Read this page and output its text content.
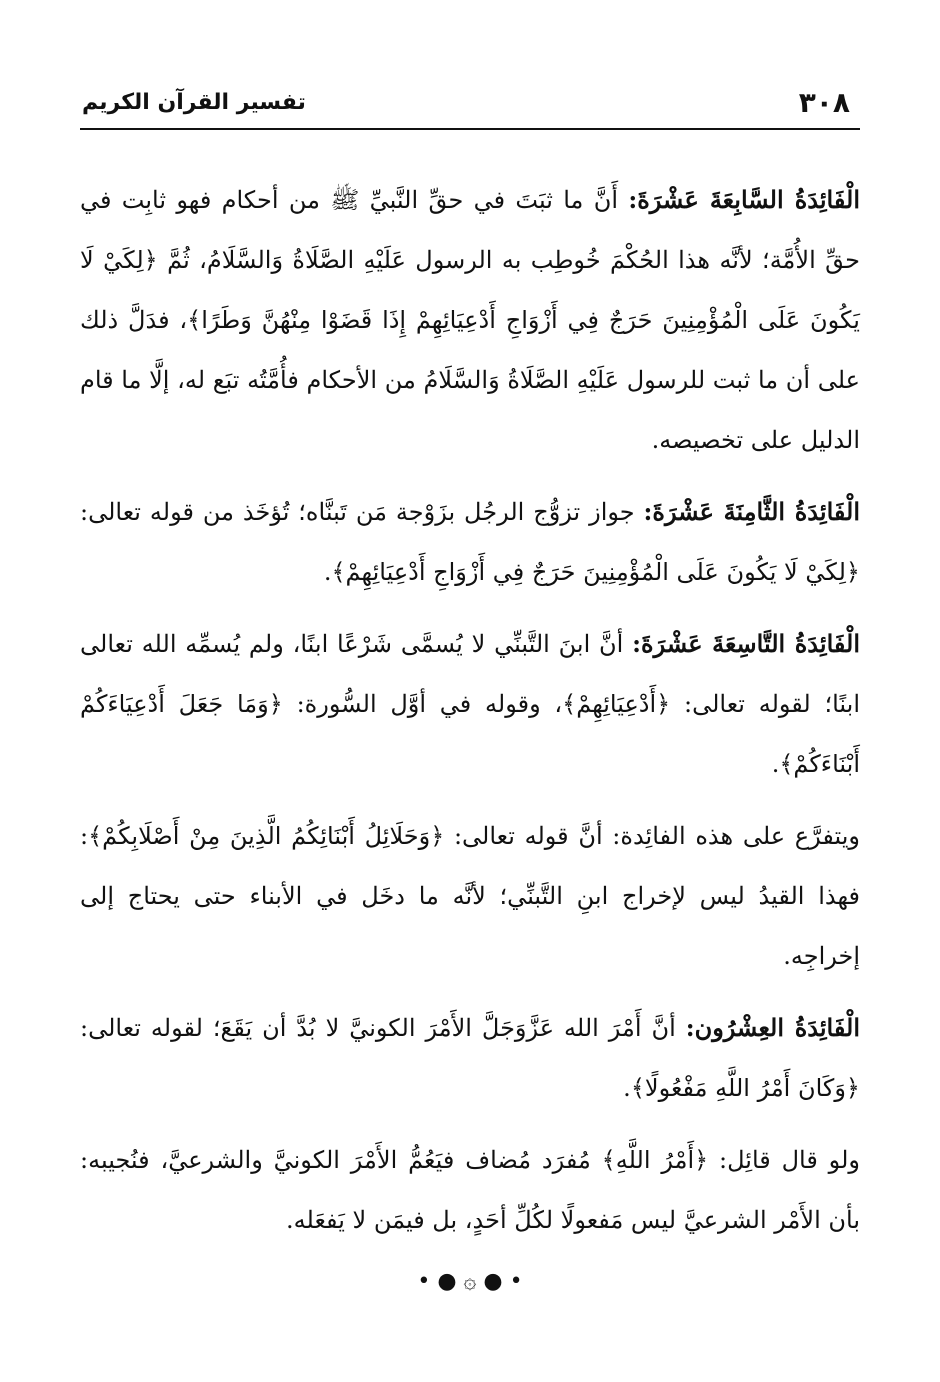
٣٠٨
تفسير القرآن الكريم

الْفَائِدَةُ السَّابِعَةَ عَشْرَةَ: أَنَّ ما ثبَتَ في حقِّ النَّبيِّ ﷺ من أحكام فهو ثابِت في حقِّ الأُمَّة؛ لأنَّه هذا الحُكْمَ خُوطِب به الرسول عَلَيْهِ الصَّلَاةُ وَالسَّلَامُ، ثُمَّ ﴿لِكَيْ لَا يَكُونَ عَلَى الْمُؤْمِنِينَ حَرَجٌ فِي أَزْوَاجِ أَدْعِيَائِهِمْ إِذَا قَضَوْا مِنْهُنَّ وَطَرًا﴾، فدَلَّ ذلك على أن ما ثبت للرسول عَلَيْهِ الصَّلَاةُ وَالسَّلَامُ من الأحكام فأُمَّتُه تبَع له، إلَّا ما قام الدليل على تخصيصه.

الْفَائِدَةُ الثَّامِنَةَ عَشْرَةَ: جواز تزوُّج الرجُل بزَوْجة مَن تَبنَّاه؛ تُؤخَذ من قوله تعالى: ﴿لِكَيْ لَا يَكُونَ عَلَى الْمُؤْمِنِينَ حَرَجٌ فِي أَزْوَاجِ أَدْعِيَائِهِمْ﴾.

الْفَائِدَةُ التَّاسِعَةَ عَشْرَةَ: أنَّ ابنَ التَّبنِّي لا يُسمَّى شَرْعًا ابنًا، ولم يُسمِّه الله تعالى ابنًا؛ لقوله تعالى: ﴿أَدْعِيَائِهِمْ﴾، وقوله في أوَّل السُّورة: ﴿وَمَا جَعَلَ أَدْعِيَاءَكُمْ أَبْنَاءَكُمْ﴾.

ويتفرَّع على هذه الفائِدة: أنَّ قوله تعالى: ﴿وَحَلَائِلُ أَبْنَائِكُمُ الَّذِينَ مِنْ أَصْلَابِكُمْ﴾: فهذا القيدُ ليس لإخراج ابنِ التَّبنِّي؛ لأنَّه ما دخَل في الأبناء حتى يحتاج إلى إخراجِه.

الْفَائِدَةُ العِشْرُون: أنَّ أَمْرَ الله عَزَّوَجَلَّ الأَمْرَ الكونيَّ لا بُدَّ أن يَقَعَ؛ لقوله تعالى: ﴿وَكَانَ أَمْرُ اللَّهِ مَفْعُولًا﴾.

ولو قال قائِل: ﴿أَمْرُ اللَّهِ﴾ مُفرَد مُضاف فيَعُمُّ الأَمْرَ الكونيَّ والشرعيَّ، فنُجيبه: بأن الأَمْر الشرعيَّ ليس مَفعولًا لكُلِّ أحَدٍ، بل فيمَن لا يَفعَله.

• ● ۞ ● •
